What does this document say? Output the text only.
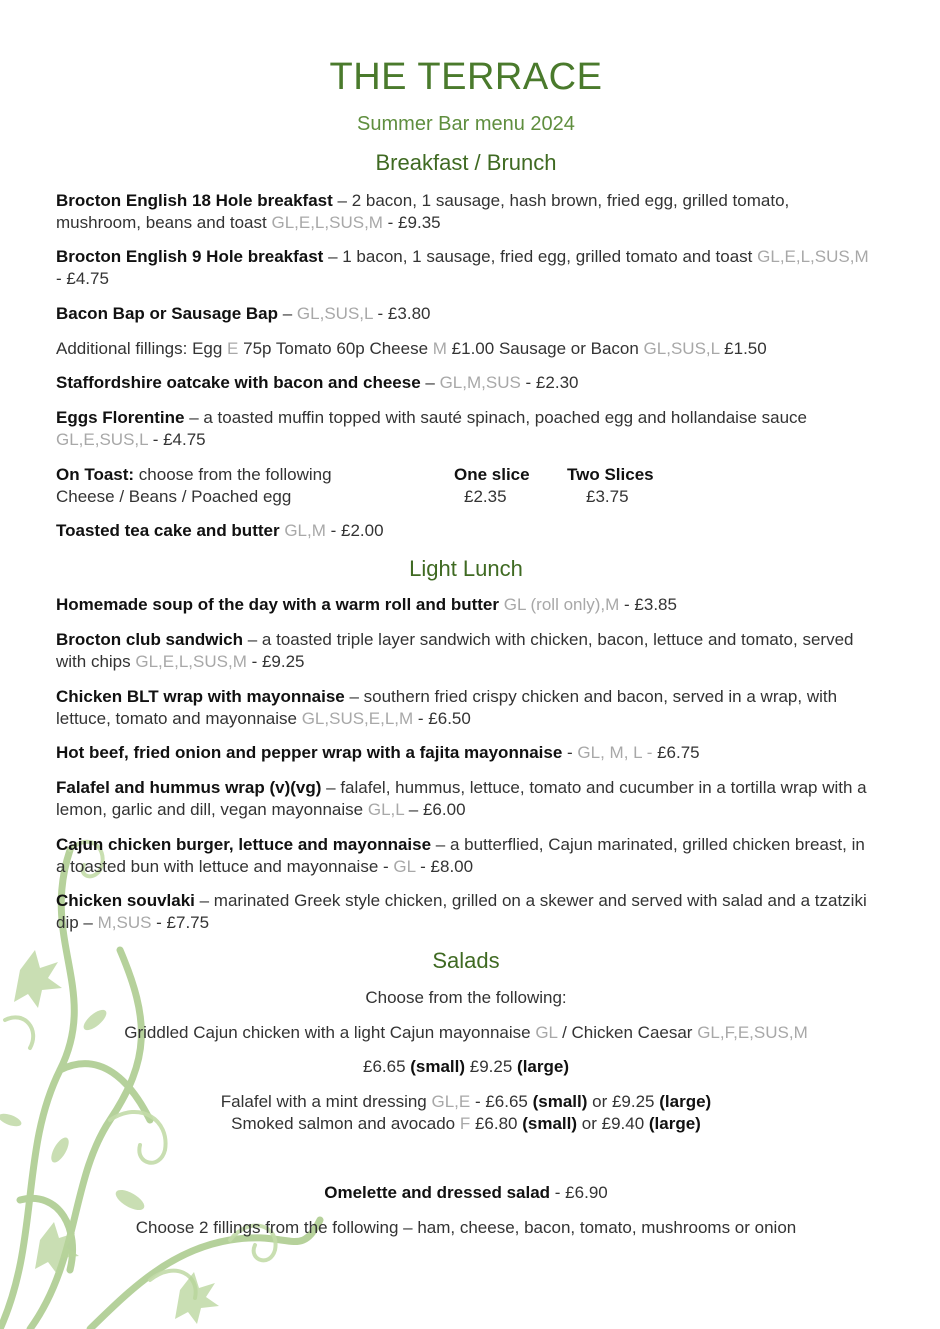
THE TERRACE
Summer Bar menu 2024
Breakfast / Brunch
Brocton English 18 Hole breakfast – 2 bacon, 1 sausage, hash brown, fried egg, grilled tomato, mushroom, beans and toast GL,E,L,SUS,M - £9.35
Brocton English 9 Hole breakfast – 1 bacon, 1 sausage, fried egg, grilled tomato and toast GL,E,L,SUS,M - £4.75
Bacon Bap or Sausage Bap – GL,SUS,L - £3.80
Additional fillings: Egg E 75p Tomato 60p Cheese M £1.00 Sausage or Bacon GL,SUS,L £1.50
Staffordshire oatcake with bacon and cheese – GL,M,SUS - £2.30
Eggs Florentine – a toasted muffin topped with sauté spinach, poached egg and hollandaise sauce GL,E,SUS,L - £4.75
On Toast: choose from the following
Cheese / Beans / Poached egg
One slice
£2.35
Two Slices
£3.75
Toasted tea cake and butter GL,M - £2.00
Light Lunch
Homemade soup of the day with a warm roll and butter GL (roll only),M - £3.85
Brocton club sandwich – a toasted triple layer sandwich with chicken, bacon, lettuce and tomato, served with chips GL,E,L,SUS,M - £9.25
Chicken BLT wrap with mayonnaise – southern fried crispy chicken and bacon, served in a wrap, with lettuce, tomato and mayonnaise GL,SUS,E,L,M - £6.50
Hot beef, fried onion and pepper wrap with a fajita mayonnaise - GL, M, L - £6.75
Falafel and hummus wrap (v)(vg) – falafel, hummus, lettuce, tomato and cucumber in a tortilla wrap with a lemon, garlic and dill, vegan mayonnaise GL,L – £6.00
Cajun chicken burger, lettuce and mayonnaise – a butterflied, Cajun marinated, grilled chicken breast, in a toasted bun with lettuce and mayonnaise - GL - £8.00
Chicken souvlaki – marinated Greek style chicken, grilled on a skewer and served with salad and a tzatziki dip – M,SUS - £7.75
Salads
Choose from the following:
Griddled Cajun chicken with a light Cajun mayonnaise GL / Chicken Caesar GL,F,E,SUS,M
£6.65 (small) £9.25 (large)
Falafel with a mint dressing GL,E - £6.65 (small) or £9.25 (large)
Smoked salmon and avocado F £6.80 (small) or £9.40 (large)
Omelette and dressed salad - £6.90
Choose 2 fillings from the following – ham, cheese, bacon, tomato, mushrooms or onion
